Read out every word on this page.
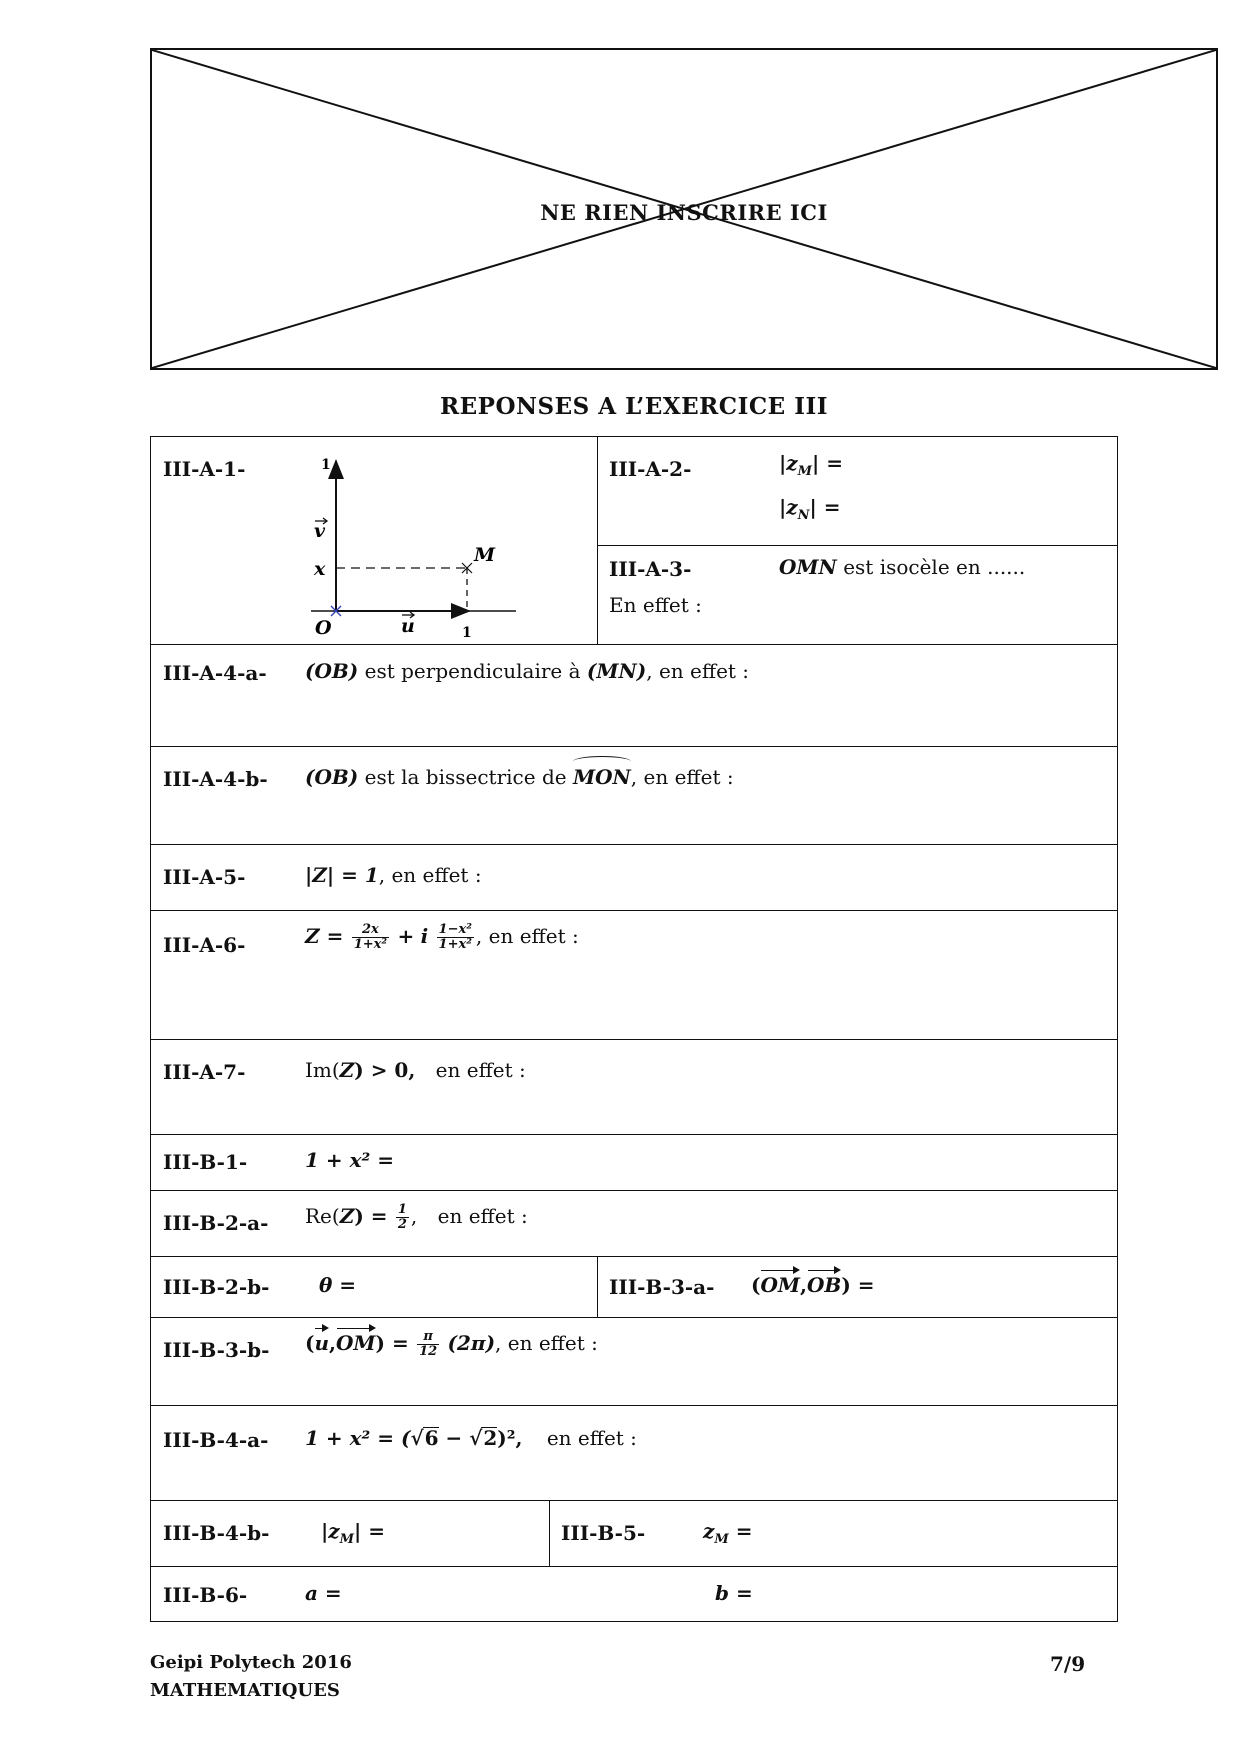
NE RIEN INSCRIRE ICI
REPONSES A L’EXERCICE III
III-A-1-	1
v
x
M
O	u	1
III-A-2-	$|z_M|$ =
$|z_N|$ =
III-A-3-	OMN est isocèle en ......
En effet :
III-A-4-a- (OB) est perpendiculaire à (MN), en effet :
III-A-4-b- (OB) est la bissectrice de MON, en effet :
III-A-5-	|Z| = 1, en effet :
III-A-6-	$Z = \frac{2x}{\text{1+x²}} + i \frac{\text{1−x²}}{\text{1+x²}}$ , en effet :
III-A-7-	Im(Z) > 0, en effet :
III-B-1-	1 + x² =
III-B-2-a- $Re(Z) = \frac{1}{2}$ , en effet :
III-B-2-b- θ =	III-B-3-a- (OM,OB) =
III-B-3-b- $(u,OM) = \frac{\pi}{12} (2\pi)$, en effet :
III-B-4-a- 1 + x² = (√6 − √2)², en effet :
III-B-4-b-	$|z_M|$ =	III-B-5-	$z_M$ =
III-B-6-	a =	b =
Geipi Polytech 2016
MATHEMATIQUES
7/9
